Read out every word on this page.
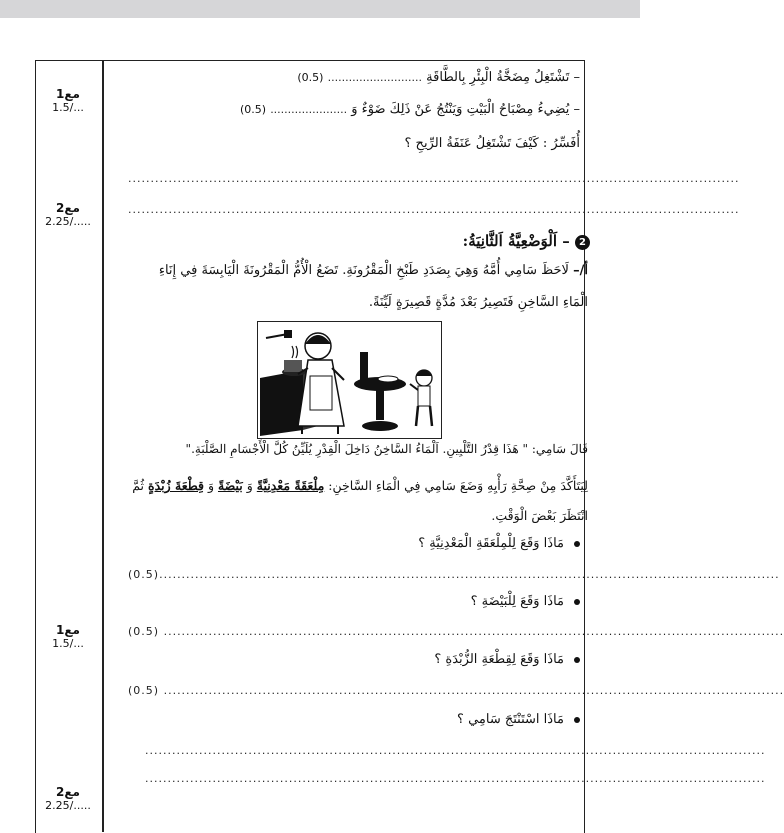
مع1
1.5/...
مع2
2.25/.....
مع1
1.5/...
مع2
2.25/.....
– تَشْتَغِلُ مِضَخَّةُ الْبِئْرِ بِالطَّاقَةِ ........................... (0.5)
– يُضِيءُ مِصْبَاحُ الْبَيْتِ وَيَنْتُجُ عَنْ ذَلِكَ ضَوْءٌ وَ ...................... (0.5)
أُفَسِّرُ : كَيْفَ تَشْتَغِلُ عَنَفَةُ الرِّيحِ ؟
........................................................................................................................................
........................................................................................................................................
2 – اَلْوَضْعِيَّةُ اَلثَّانِيَةُ:
أ/– لَاحَظَ سَامِي أُمَّهُ وَهِيَ بِصَدَدِ طَبْخِ الْمَقْرُونَةِ. تَضَعُ الْأُمُّ الْمَقْرُونَةَ الْيَابِسَةَ فِي إِنَاءِ
الْمَاءِ السَّاخِنِ فَتَصِيرُ بَعْدَ مُدَّةٍ قَصِيرَةٍ لَيِّنَةً.
قَالَ سَامِي: " هَذَا قِدْرُ التَّلْيِينِ. اَلْمَاءُ السَّاخِنُ دَاخِلَ الْقِدْرِ يُلَيِّنُ كُلَّ الْأَجْسَامِ الصَّلْبَةِ."
لِيَتَأَكَّدَ مِنْ صِحَّةِ رَأْيِهِ وَضَعَ سَامِي فِي الْمَاءِ السَّاخِنِ: مِلْعَقَةً مَعْدِنِيَّةً وَ بَيْضَةً وَ قِطْعَةَ زُبْدَةٍ ثُمَّ
انْتَظَرَ بَعْضَ الْوَقْتِ.
مَاذَا وَقَعَ لِلْمِلْعَقَةِ الْمَعْدِنِيَّةِ ؟
(0.5)..........................................................................................................................................
مَاذَا وَقَعَ لِلْبَيْضَةِ ؟
(0.5) ..........................................................................................................................................
مَاذَا وَقَعَ لِقِطْعَةِ الزُّبْدَةِ ؟
(0.5) ..........................................................................................................................................
مَاذَا اسْتَنْتَجَ سَامِي ؟
..........................................................................................................................................
..........................................................................................................................................
